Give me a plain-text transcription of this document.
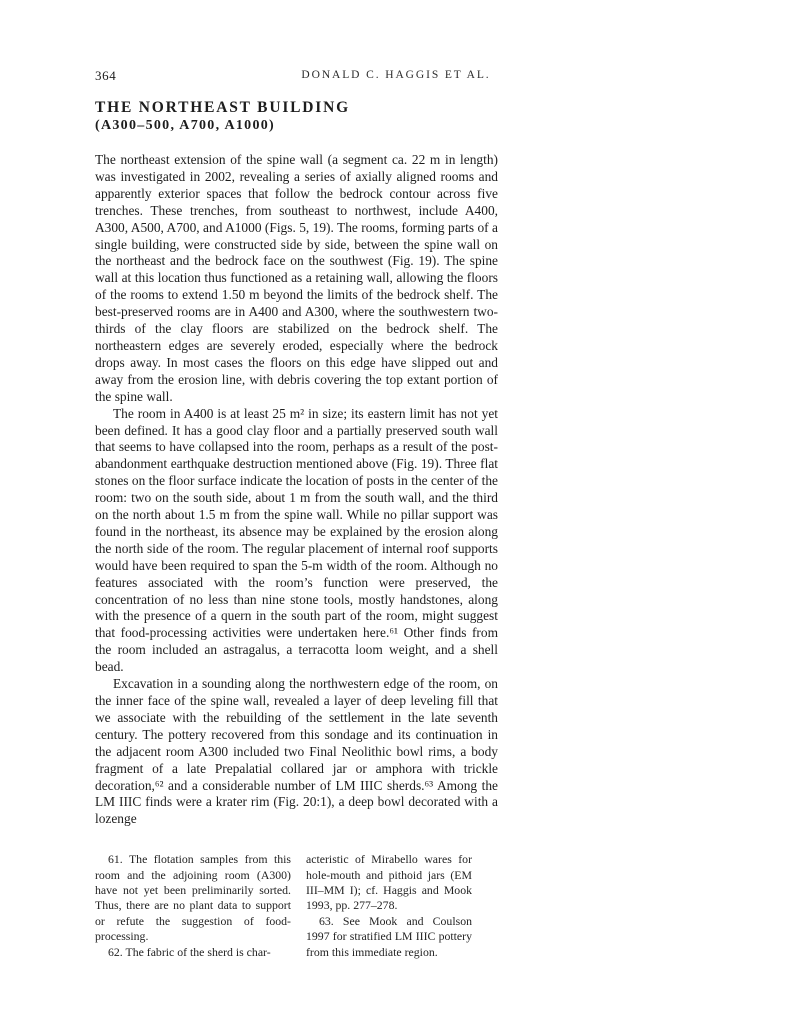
364	DONALD C. HAGGIS ET AL.
THE NORTHEAST BUILDING
(A300–500, A700, A1000)

The northeast extension of the spine wall (a segment ca. 22 m in length) was investigated in 2002, revealing a series of axially aligned rooms and apparently exterior spaces that follow the bedrock contour across five trenches. These trenches, from southeast to northwest, include A400, A300, A500, A700, and A1000 (Figs. 5, 19). The rooms, forming parts of a single building, were constructed side by side, between the spine wall on the northeast and the bedrock face on the southwest (Fig. 19). The spine wall at this location thus functioned as a retaining wall, allowing the floors of the rooms to extend 1.50 m beyond the limits of the bedrock shelf. The best-preserved rooms are in A400 and A300, where the southwestern two-thirds of the clay floors are stabilized on the bedrock shelf. The northeastern edges are severely eroded, especially where the bedrock drops away. In most cases the floors on this edge have slipped out and away from the erosion line, with debris covering the top extant portion of the spine wall.

The room in A400 is at least 25 m² in size; its eastern limit has not yet been defined. It has a good clay floor and a partially preserved south wall that seems to have collapsed into the room, perhaps as a result of the post-abandonment earthquake destruction mentioned above (Fig. 19). Three flat stones on the floor surface indicate the location of posts in the center of the room: two on the south side, about 1 m from the south wall, and the third on the north about 1.5 m from the spine wall. While no pillar support was found in the northeast, its absence may be explained by the erosion along the north side of the room. The regular placement of internal roof supports would have been required to span the 5-m width of the room. Although no features associated with the room’s function were preserved, the concentration of no less than nine stone tools, mostly handstones, along with the presence of a quern in the south part of the room, might suggest that food-processing activities were undertaken here.⁶¹ Other finds from the room included an astragalus, a terracotta loom weight, and a shell bead.

Excavation in a sounding along the northwestern edge of the room, on the inner face of the spine wall, revealed a layer of deep leveling fill that we associate with the rebuilding of the settlement in the late seventh century. The pottery recovered from this sondage and its continuation in the adjacent room A300 included two Final Neolithic bowl rims, a body fragment of a late Prepalatial collared jar or amphora with trickle decoration,⁶² and a considerable number of LM IIIC sherds.⁶³ Among the LM IIIC finds were a krater rim (Fig. 20:1), a deep bowl decorated with a lozenge

61. The flotation samples from this room and the adjoining room (A300) have not yet been preliminarily sorted. Thus, there are no plant data to support or refute the suggestion of food-processing.

62. The fabric of the sherd is char-

acteristic of Mirabello wares for hole-mouth and pithoid jars (EM III–MM I); cf. Haggis and Mook 1993, pp. 277–278.

63. See Mook and Coulson 1997 for stratified LM IIIC pottery from this immediate region.
